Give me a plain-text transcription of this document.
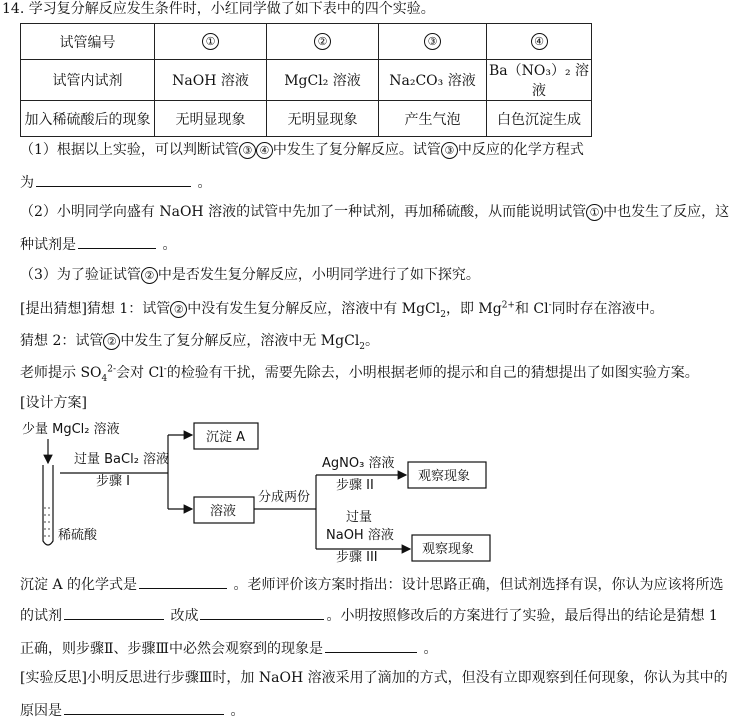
14. 学习复分解反应发生条件时，小红同学做了如下表中的四个实验。
试管编号	①	②	③	④
试管内试剂	NaOH 溶液	MgCl₂ 溶液	Na₂CO₃ 溶液	Ba（NO₃）₂ 溶液
加入稀硫酸后的现象	无明显现象	无明显现象	产生气泡	白色沉淀生成
（1）根据以上实验，可以判断试管 ③ ④ 中发生了复分解反应。试管 ③ 中反应的化学方程式
为	。
（2）小明同学向盛有 NaOH 溶液的试管中先加了一种试剂，再加稀硫酸，从而能说明试管 ① 中也发生了反应，这
种试剂是	。
（3）为了验证试管 ② 中是否发生复分解反应，小明同学进行了如下探究。
[提出猜想]猜想 1：试管 ② 中没有发生复分解反应，溶液中有 MgCl$_2$，即 $Mg^{2+}$和 Cl-同时存在溶液中。
猜想 2：试管 ② 中发生了复分解反应，溶液中无 MgCl$_2$。
老师提示 $SO_4^{2-}$会对 Cl-的检验有干扰，需要先除去，小明根据老师的提示和自己的猜想提出了如图实验方案。
[设计方案]
少量 MgCl₂ 溶液
稀硫酸
过量 BaCl₂ 溶液
步骤 I
沉淀 A
溶液
分成两份
AgNO₃ 溶液
步骤 II
观察现象
过量
NaOH 溶液
步骤 III
观察现象
沉淀 A 的化学式是	。老师评价该方案时指出：设计思路正确，但试剂选择有误，你认为应该将所选
的试剂	改成	。小明按照修改后的方案进行了实验，最后得出的结论是猜想 1
正确，则步骤Ⅱ、步骤Ⅲ中必然会观察到的现象是	。
[实验反思]小明反思进行步骤Ⅲ时，加 NaOH 溶液采用了滴加的方式，但没有立即观察到任何现象，你认为其中的
原因是	。
